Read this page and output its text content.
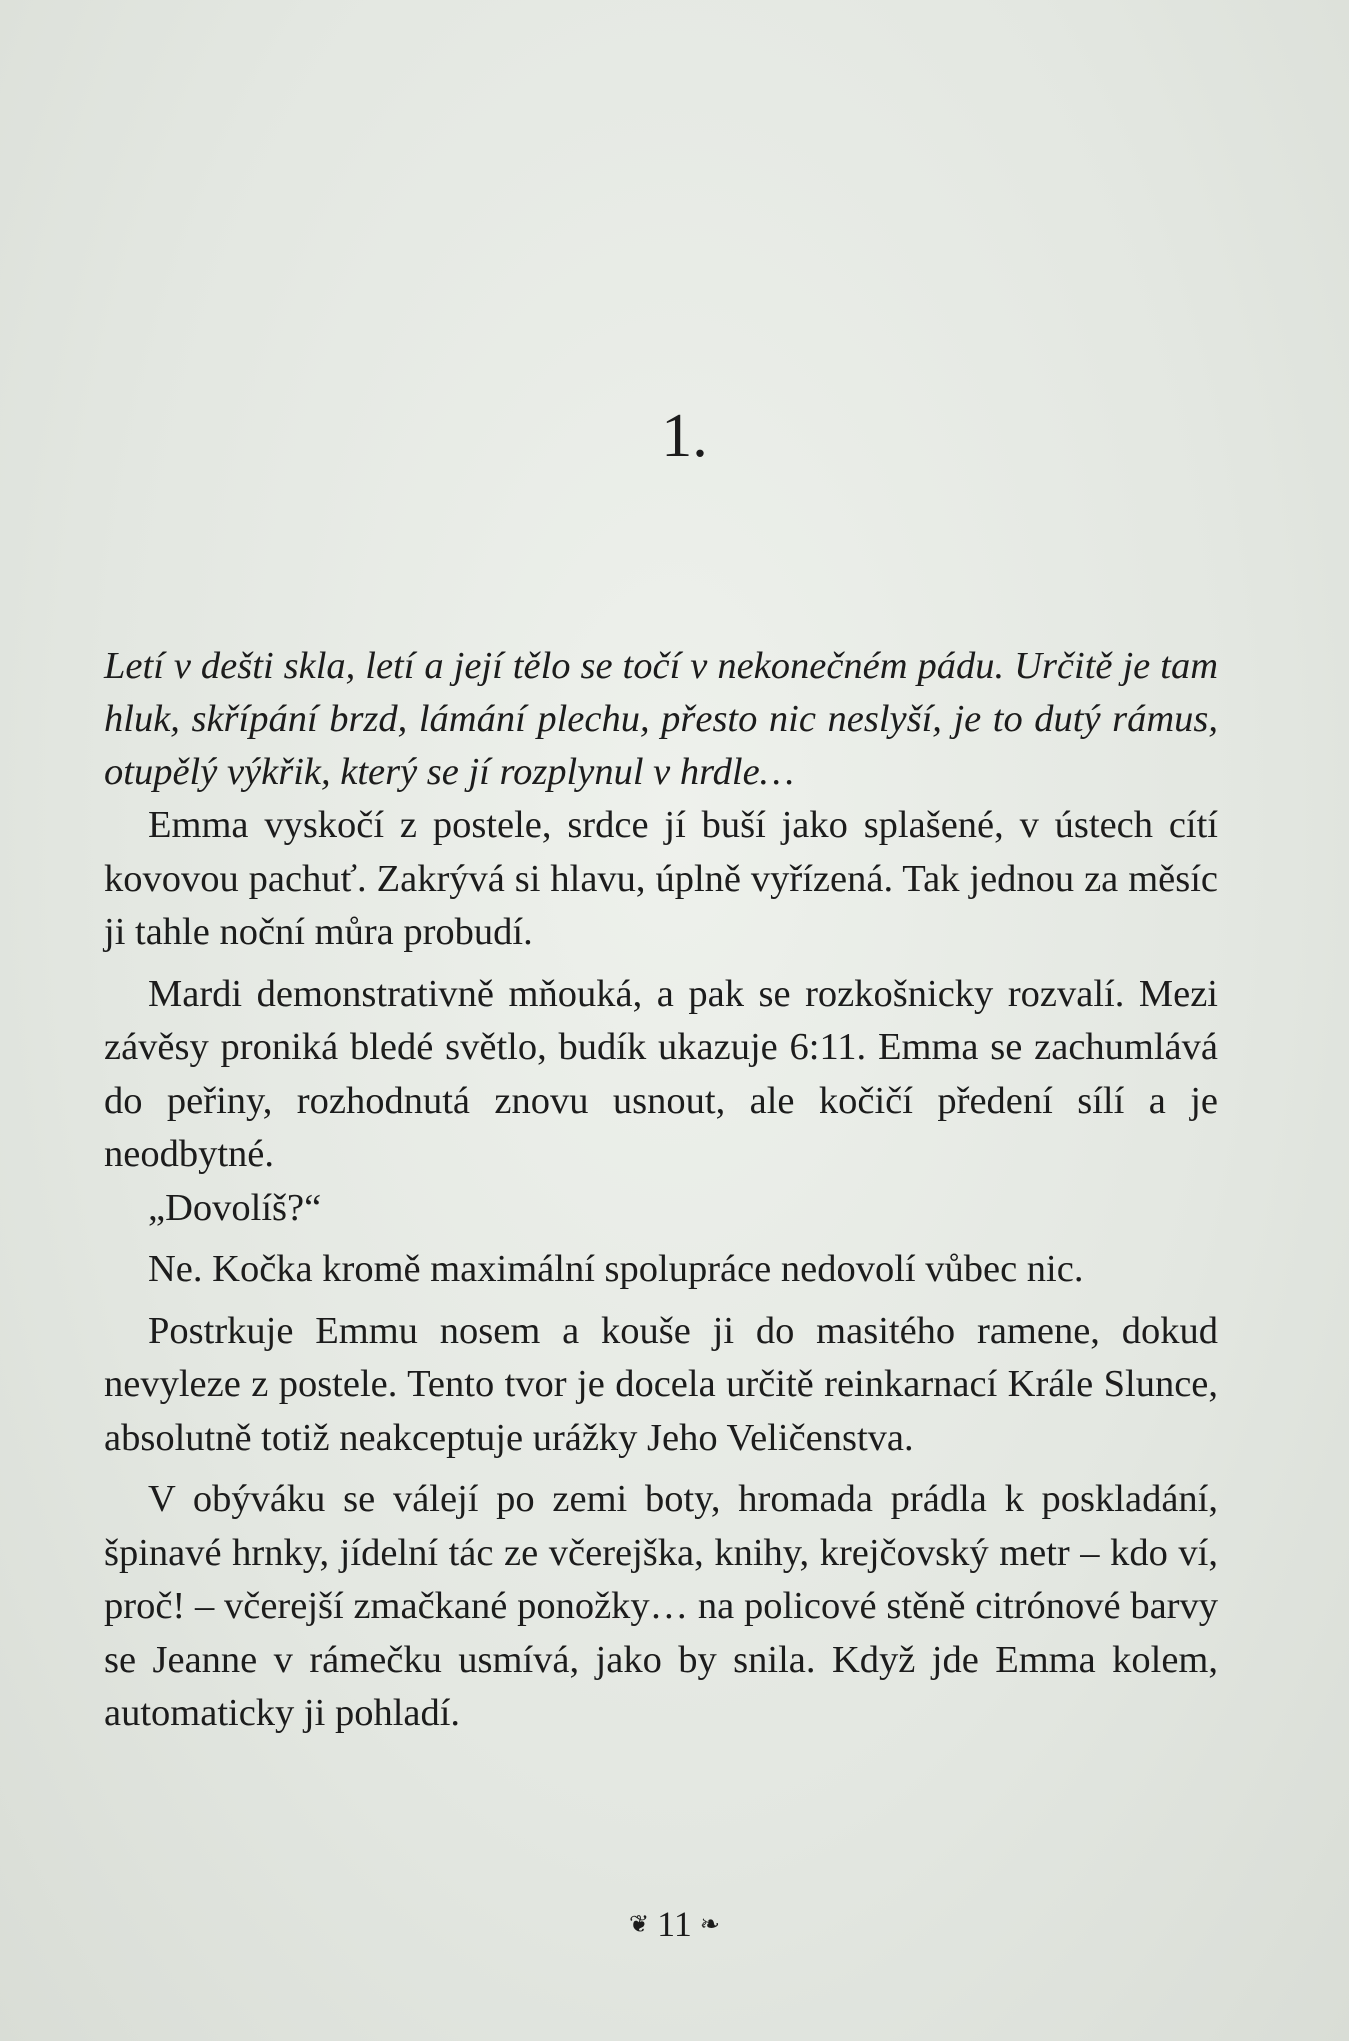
1.

Letí v dešti skla, letí a její tělo se točí v nekonečném pádu. Určitě je tam hluk, skřípání brzd, lámání plechu, přesto nic neslyší, je to dutý rámus, otupělý výkřik, který se jí rozplynul v hrdle…

Emma vyskočí z postele, srdce jí buší jako splašené, v ústech cítí kovovou pachuť. Zakrývá si hlavu, úplně vyřízená. Tak jednou za měsíc ji tahle noční můra probudí.

Mardi demonstrativně mňouká, a pak se rozkošnicky rozvalí. Mezi závěsy proniká bledé světlo, budík ukazuje 6:11. Emma se zachumlává do peřiny, rozhodnutá znovu usnout, ale kočičí předení sílí a je neodbytné.

„Dovolíš?“

Ne. Kočka kromě maximální spolupráce nedovolí vůbec nic.

Postrkuje Emmu nosem a kouše ji do masitého ramene, dokud nevyleze z postele. Tento tvor je docela určitě reinkarnací Krále Slunce, absolutně totiž neakceptuje urážky Jeho Veličenstva.

V obýváku se válejí po zemi boty, hromada prádla k poskladání, špinavé hrnky, jídelní tác ze včerejška, knihy, krejčovský metr – kdo ví, proč! – včerejší zmačkané ponožky… na policové stěně citrónové barvy se Jeanne v rámečku usmívá, jako by snila. Když jde Emma kolem, automaticky ji pohladí.

❦ 11 ❧
